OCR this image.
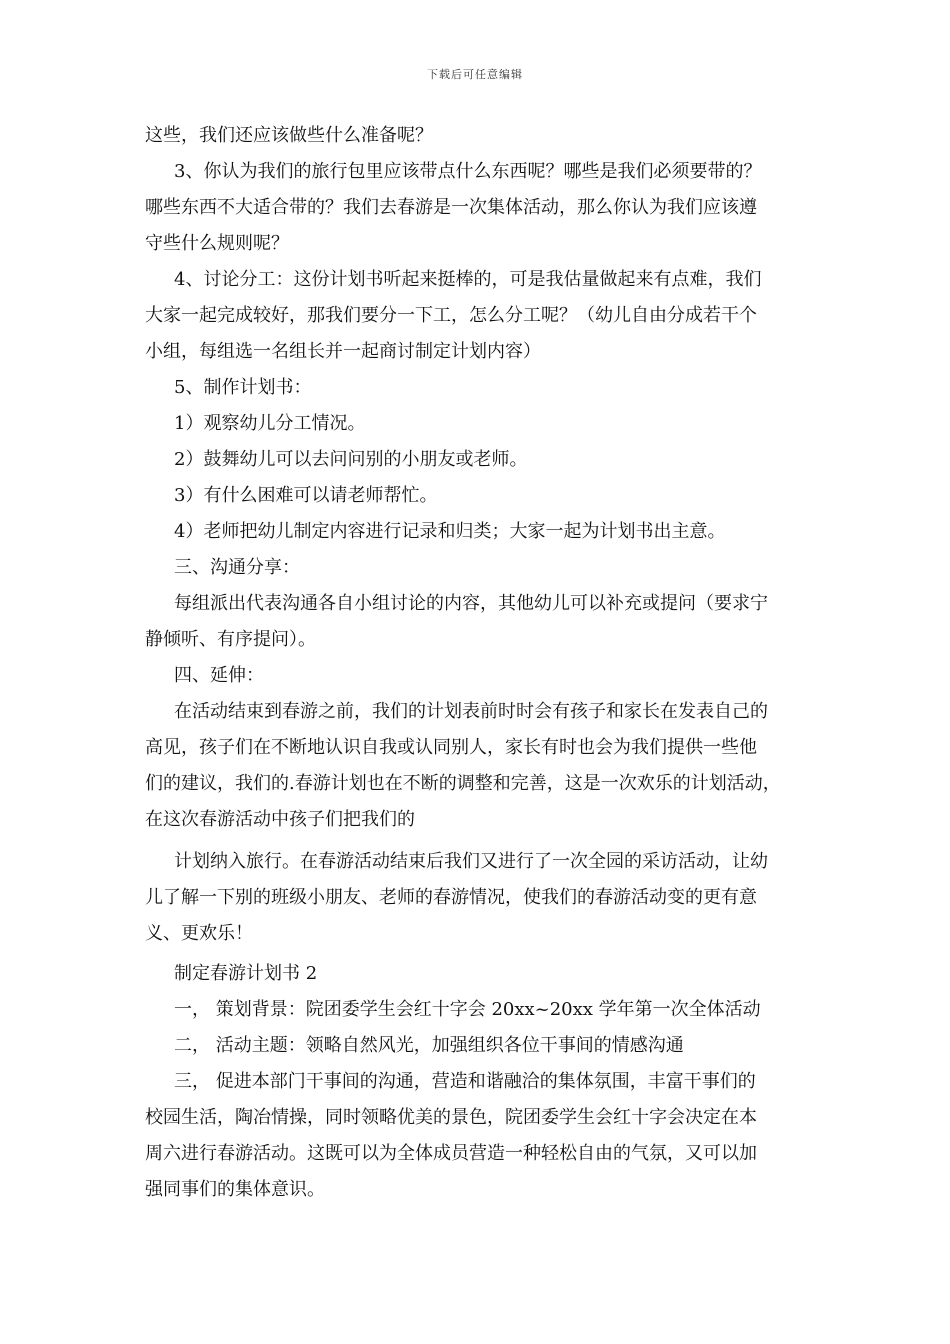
下载后可任意编辑
这些，我们还应该做些什么准备呢？
3、你认为我们的旅行包里应该带点什么东西呢？哪些是我们必须要带的？
哪些东西不大适合带的？我们去春游是一次集体活动，那么你认为我们应该遵
守些什么规则呢？
4、讨论分工：这份计划书听起来挺棒的，可是我估量做起来有点难，我们
大家一起完成较好，那我们要分一下工，怎么分工呢？（幼儿自由分成若干个
小组，每组选一名组长并一起商讨制定计划内容）
5、制作计划书：
1）观察幼儿分工情况。
2）鼓舞幼儿可以去问问别的小朋友或老师。
3）有什么困难可以请老师帮忙。
4）老师把幼儿制定内容进行记录和归类；大家一起为计划书出主意。
三、沟通分享：
每组派出代表沟通各自小组讨论的内容，其他幼儿可以补充或提问（要求宁
静倾听、有序提问）。
四、延伸：
在活动结束到春游之前，我们的计划表前时时会有孩子和家长在发表自己的
高见，孩子们在不断地认识自我或认同别人，家长有时也会为我们提供一些他
们的建议，我们的.春游计划也在不断的调整和完善，这是一次欢乐的计划活动，
在这次春游活动中孩子们把我们的
计划纳入旅行。在春游活动结束后我们又进行了一次全园的采访活动，让幼
儿了解一下别的班级小朋友、老师的春游情况，使我们的春游活动变的更有意
义、更欢乐！
制定春游计划书 2
一， 策划背景：院团委学生会红十字会 20xx~20xx 学年第一次全体活动
二， 活动主题：领略自然风光，加强组织各位干事间的情感沟通
三， 促进本部门干事间的沟通，营造和谐融洽的集体氛围，丰富干事们的
校园生活，陶冶情操，同时领略优美的景色，院团委学生会红十字会决定在本
周六进行春游活动。这既可以为全体成员营造一种轻松自由的气氛，又可以加
强同事们的集体意识。
